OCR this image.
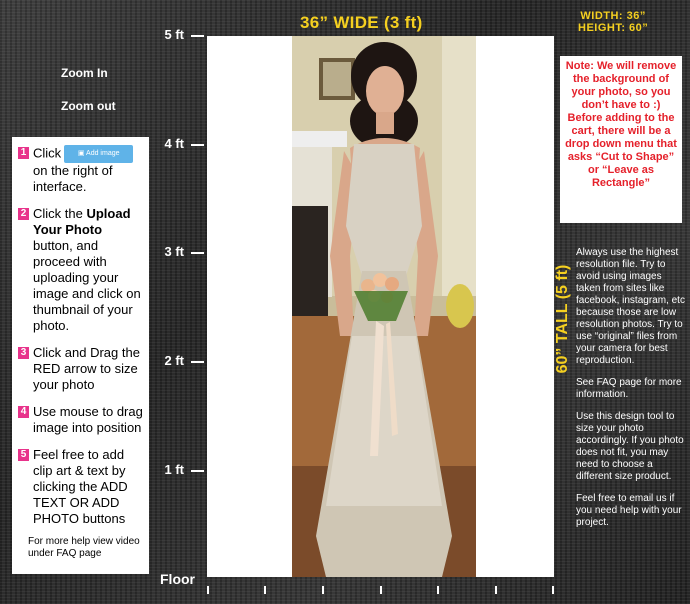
36” WIDE (3 ft)	WIDTH: 36”
HEIGHT: 60”
Zoom In
Zoom out
5 ft
4 ft
3 ft
2 ft
1 ft
Floor
1 Click ▣ Add image on the right of interface.
2 Click the Upload Your Photo button, and proceed with uploading your image and click on thumbnail of your photo.
3 Click and Drag the RED arrow to size your photo
4 Use mouse to drag image into position
5 Feel free to add clip art & text by clicking the ADD TEXT OR ADD PHOTO buttons
For more help view video under FAQ page
Note: We will remove the background of your photo, so you don’t have to :)
Before adding to the cart, there will be a drop down menu that asks “Cut to Shape” or “Leave as Rectangle”
60” TALL (5 ft)

Always use the highest resolution file. Try to avoid using images taken from sites like facebook, instagram, etc because those are low resolution photos. Try to use “original” files from your camera for best reproduction.

See FAQ page for more information.

Use this design tool to size your photo accordingly. If you photo does not fit, you may need to choose a different size product.

Feel free to email us if you need help with your project.
